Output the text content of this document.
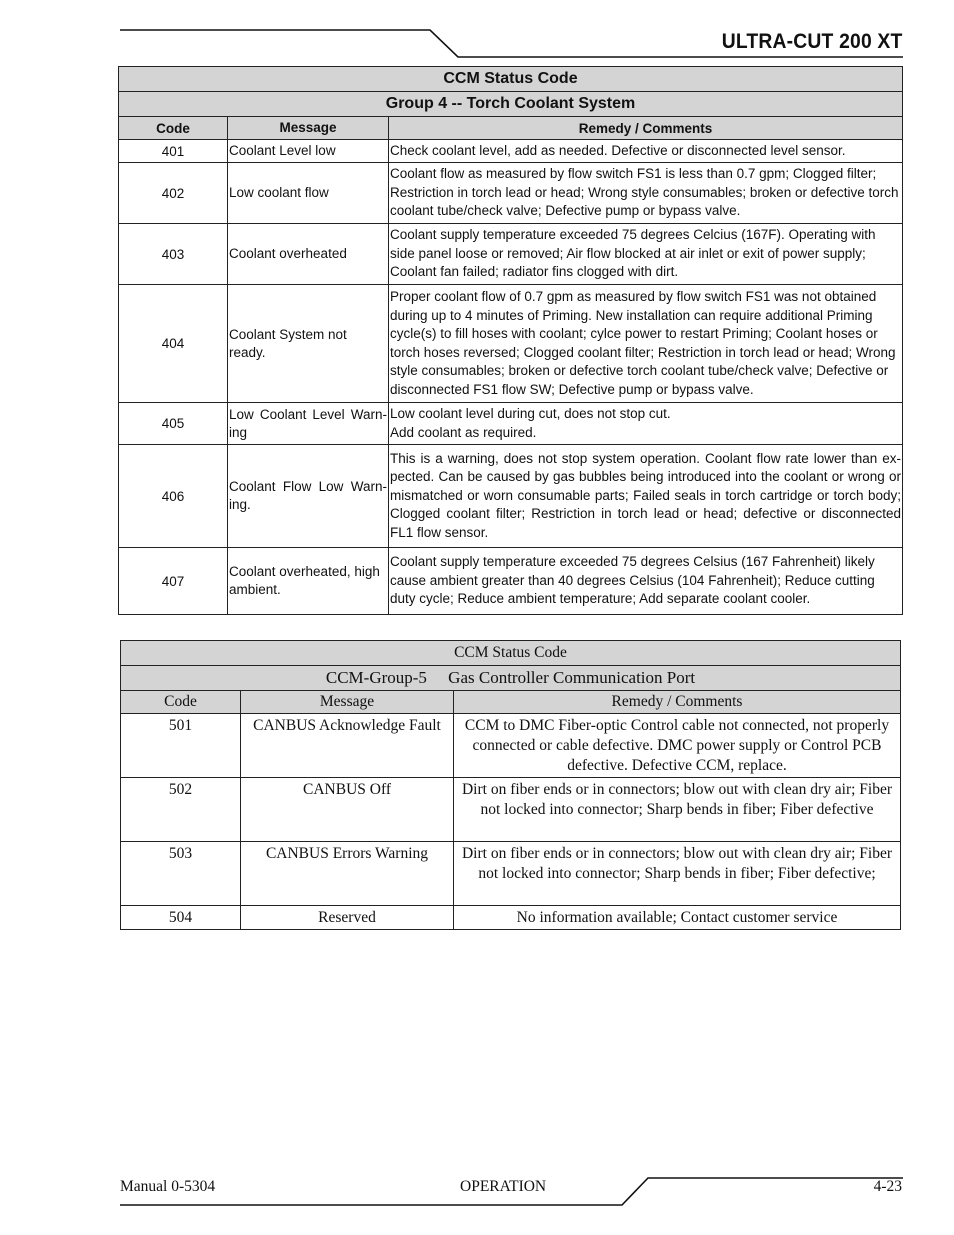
ULTRA-CUT 200 XT
CCM Status Code		
Group 4 -- Torch Coolant System		
Code	Message	Remedy / Comments
401	Coolant Level low	Check coolant level, add as needed. Defective or disconnected level sensor.
402	Low coolant flow	Coolant flow as measured by flow switch FS1 is less than 0.7 gpm; Clogged filter; Restriction in torch lead or head; Wrong style consumables; broken or defective torch coolant tube/check valve; Defective pump or bypass valve.
403	Coolant overheated	Coolant supply temperature exceeded 75 degrees Celcius (167F). Operating with side panel loose or removed; Air flow blocked at air inlet or exit of power supply; Coolant fan failed; radiator fins clogged with dirt.
404	Coolant System not ready.	Proper coolant flow of 0.7 gpm as measured by flow switch FS1 was not obtained during up to 4 minutes of Priming. New installation can require additional Priming cycle(s) to fill hoses with coolant; cylce power to restart Priming; Coolant hoses or torch hoses reversed; Clogged coolant filter; Restriction in torch lead or head; Wrong style consumables; broken or defective torch coolant tube/check valve; Defective or disconnected FS1 flow SW; Defective pump or bypass valve.
405	Low Coolant Level Warn-ing	Low coolant level during cut, does not stop cut.
Add coolant as required.
406	Coolant Flow Low Warn-ing.	This is a warning, does not stop system operation. Coolant flow rate lower than ex-pected. Can be caused by gas bubbles being introduced into the coolant or wrong or mismatched or worn consumable parts; Failed seals in torch cartridge or torch body; Clogged coolant filter; Restriction in torch lead or head; defective or disconnected FL1 flow sensor.
407	Coolant overheated, high ambient.	Coolant supply temperature exceeded 75 degrees Celsius (167 Fahrenheit) likely cause ambient greater than 40 degrees Celsius (104 Fahrenheit); Reduce cutting duty cycle; Reduce ambient temperature; Add separate coolant cooler.
CCM Status Code		
CCM-Group-5     Gas Controller Communication Port		
Code	Message	Remedy / Comments
501	CANBUS Acknowledge Fault	CCM to DMC Fiber-optic Control cable not connected, not properly connected or cable defective. DMC power supply or Control PCB defective. Defective CCM, replace.
502	CANBUS Off	Dirt on fiber ends or in connectors; blow out with clean dry air; Fiber not locked into connector; Sharp bends in fiber; Fiber defective
503	CANBUS Errors Warning	Dirt on fiber ends or in connectors; blow out with clean dry air; Fiber not locked into connector; Sharp bends in fiber; Fiber defective;
504	Reserved	No information available; Contact customer service
Manual 0-5304	OPERATION	4-23
